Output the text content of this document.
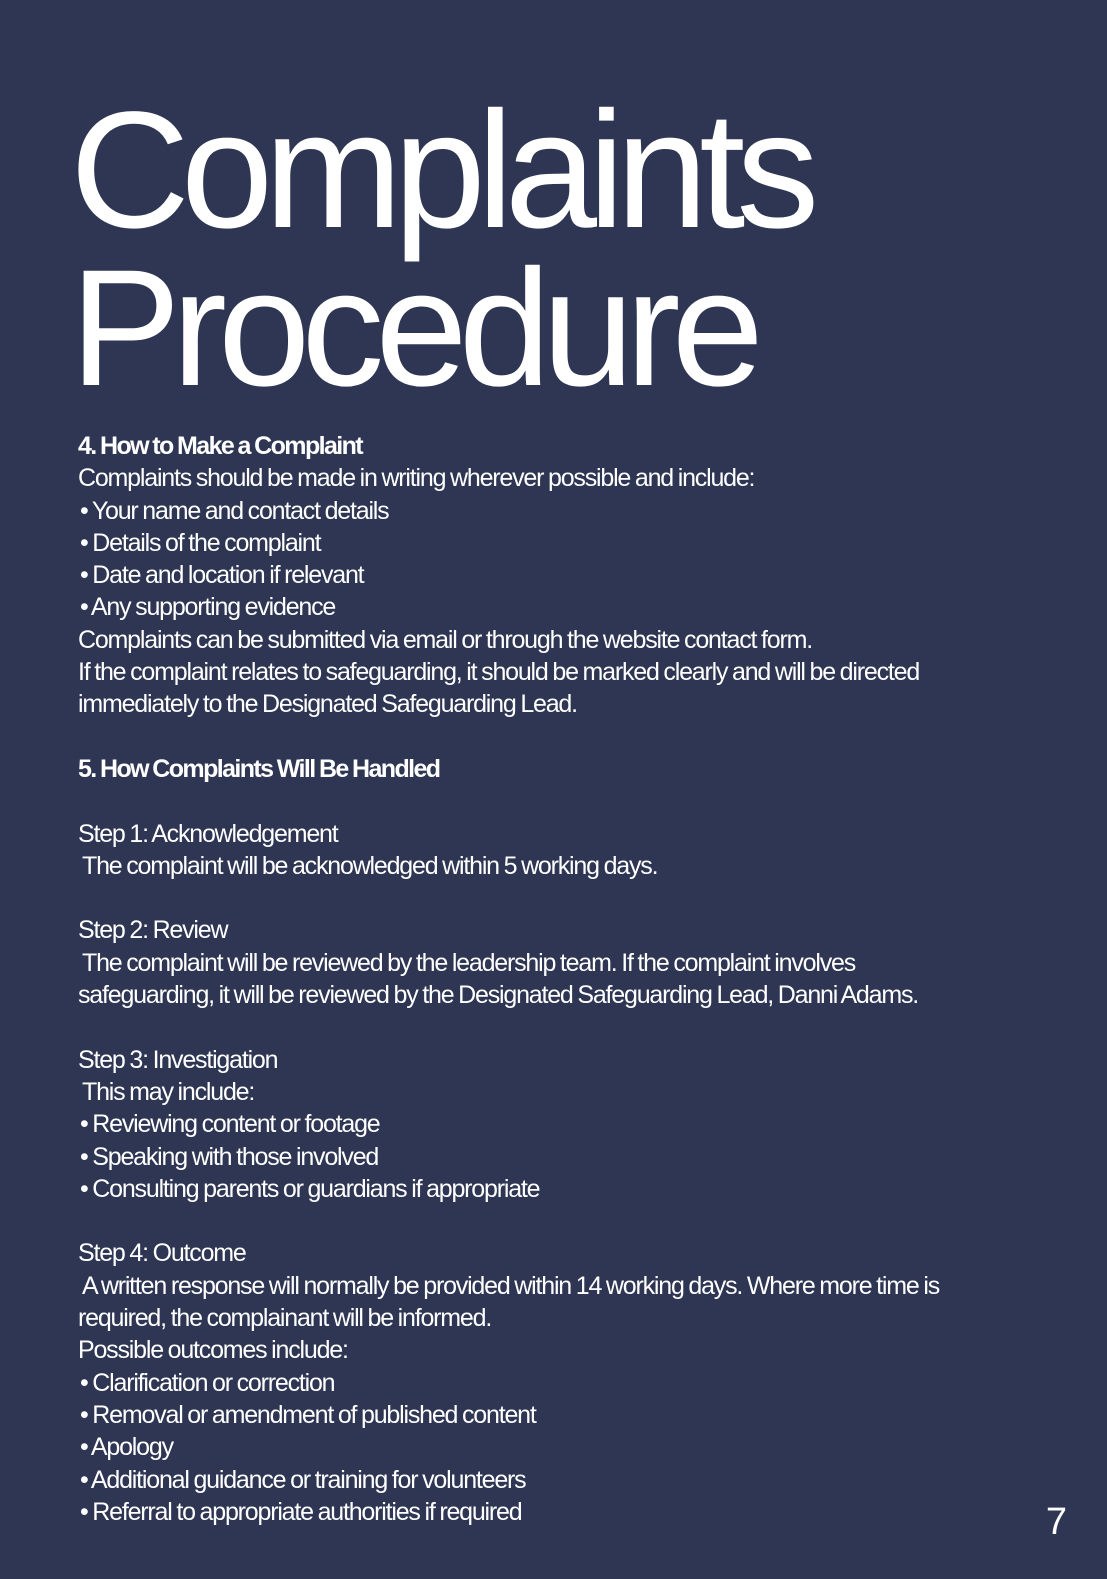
Complaints
Procedure
4. How to Make a Complaint
Complaints should be made in writing wherever possible and include:
• Your name and contact details
• Details of the complaint
• Date and location if relevant
• Any supporting evidence
Complaints can be submitted via email or through the website contact form.
If the complaint relates to safeguarding, it should be marked clearly and will be directed
immediately to the Designated Safeguarding Lead.
5. How Complaints Will Be Handled
Step 1: Acknowledgement
The complaint will be acknowledged within 5 working days.
Step 2: Review
The complaint will be reviewed by the leadership team. If the complaint involves
safeguarding, it will be reviewed by the Designated Safeguarding Lead, Danni Adams.
Step 3: Investigation
This may include:
• Reviewing content or footage
• Speaking with those involved
• Consulting parents or guardians if appropriate
Step 4: Outcome
A written response will normally be provided within 14 working days. Where more time is
required, the complainant will be informed.
Possible outcomes include:
• Clarification or correction
• Removal or amendment of published content
• Apology
• Additional guidance or training for volunteers
• Referral to appropriate authorities if required	7
